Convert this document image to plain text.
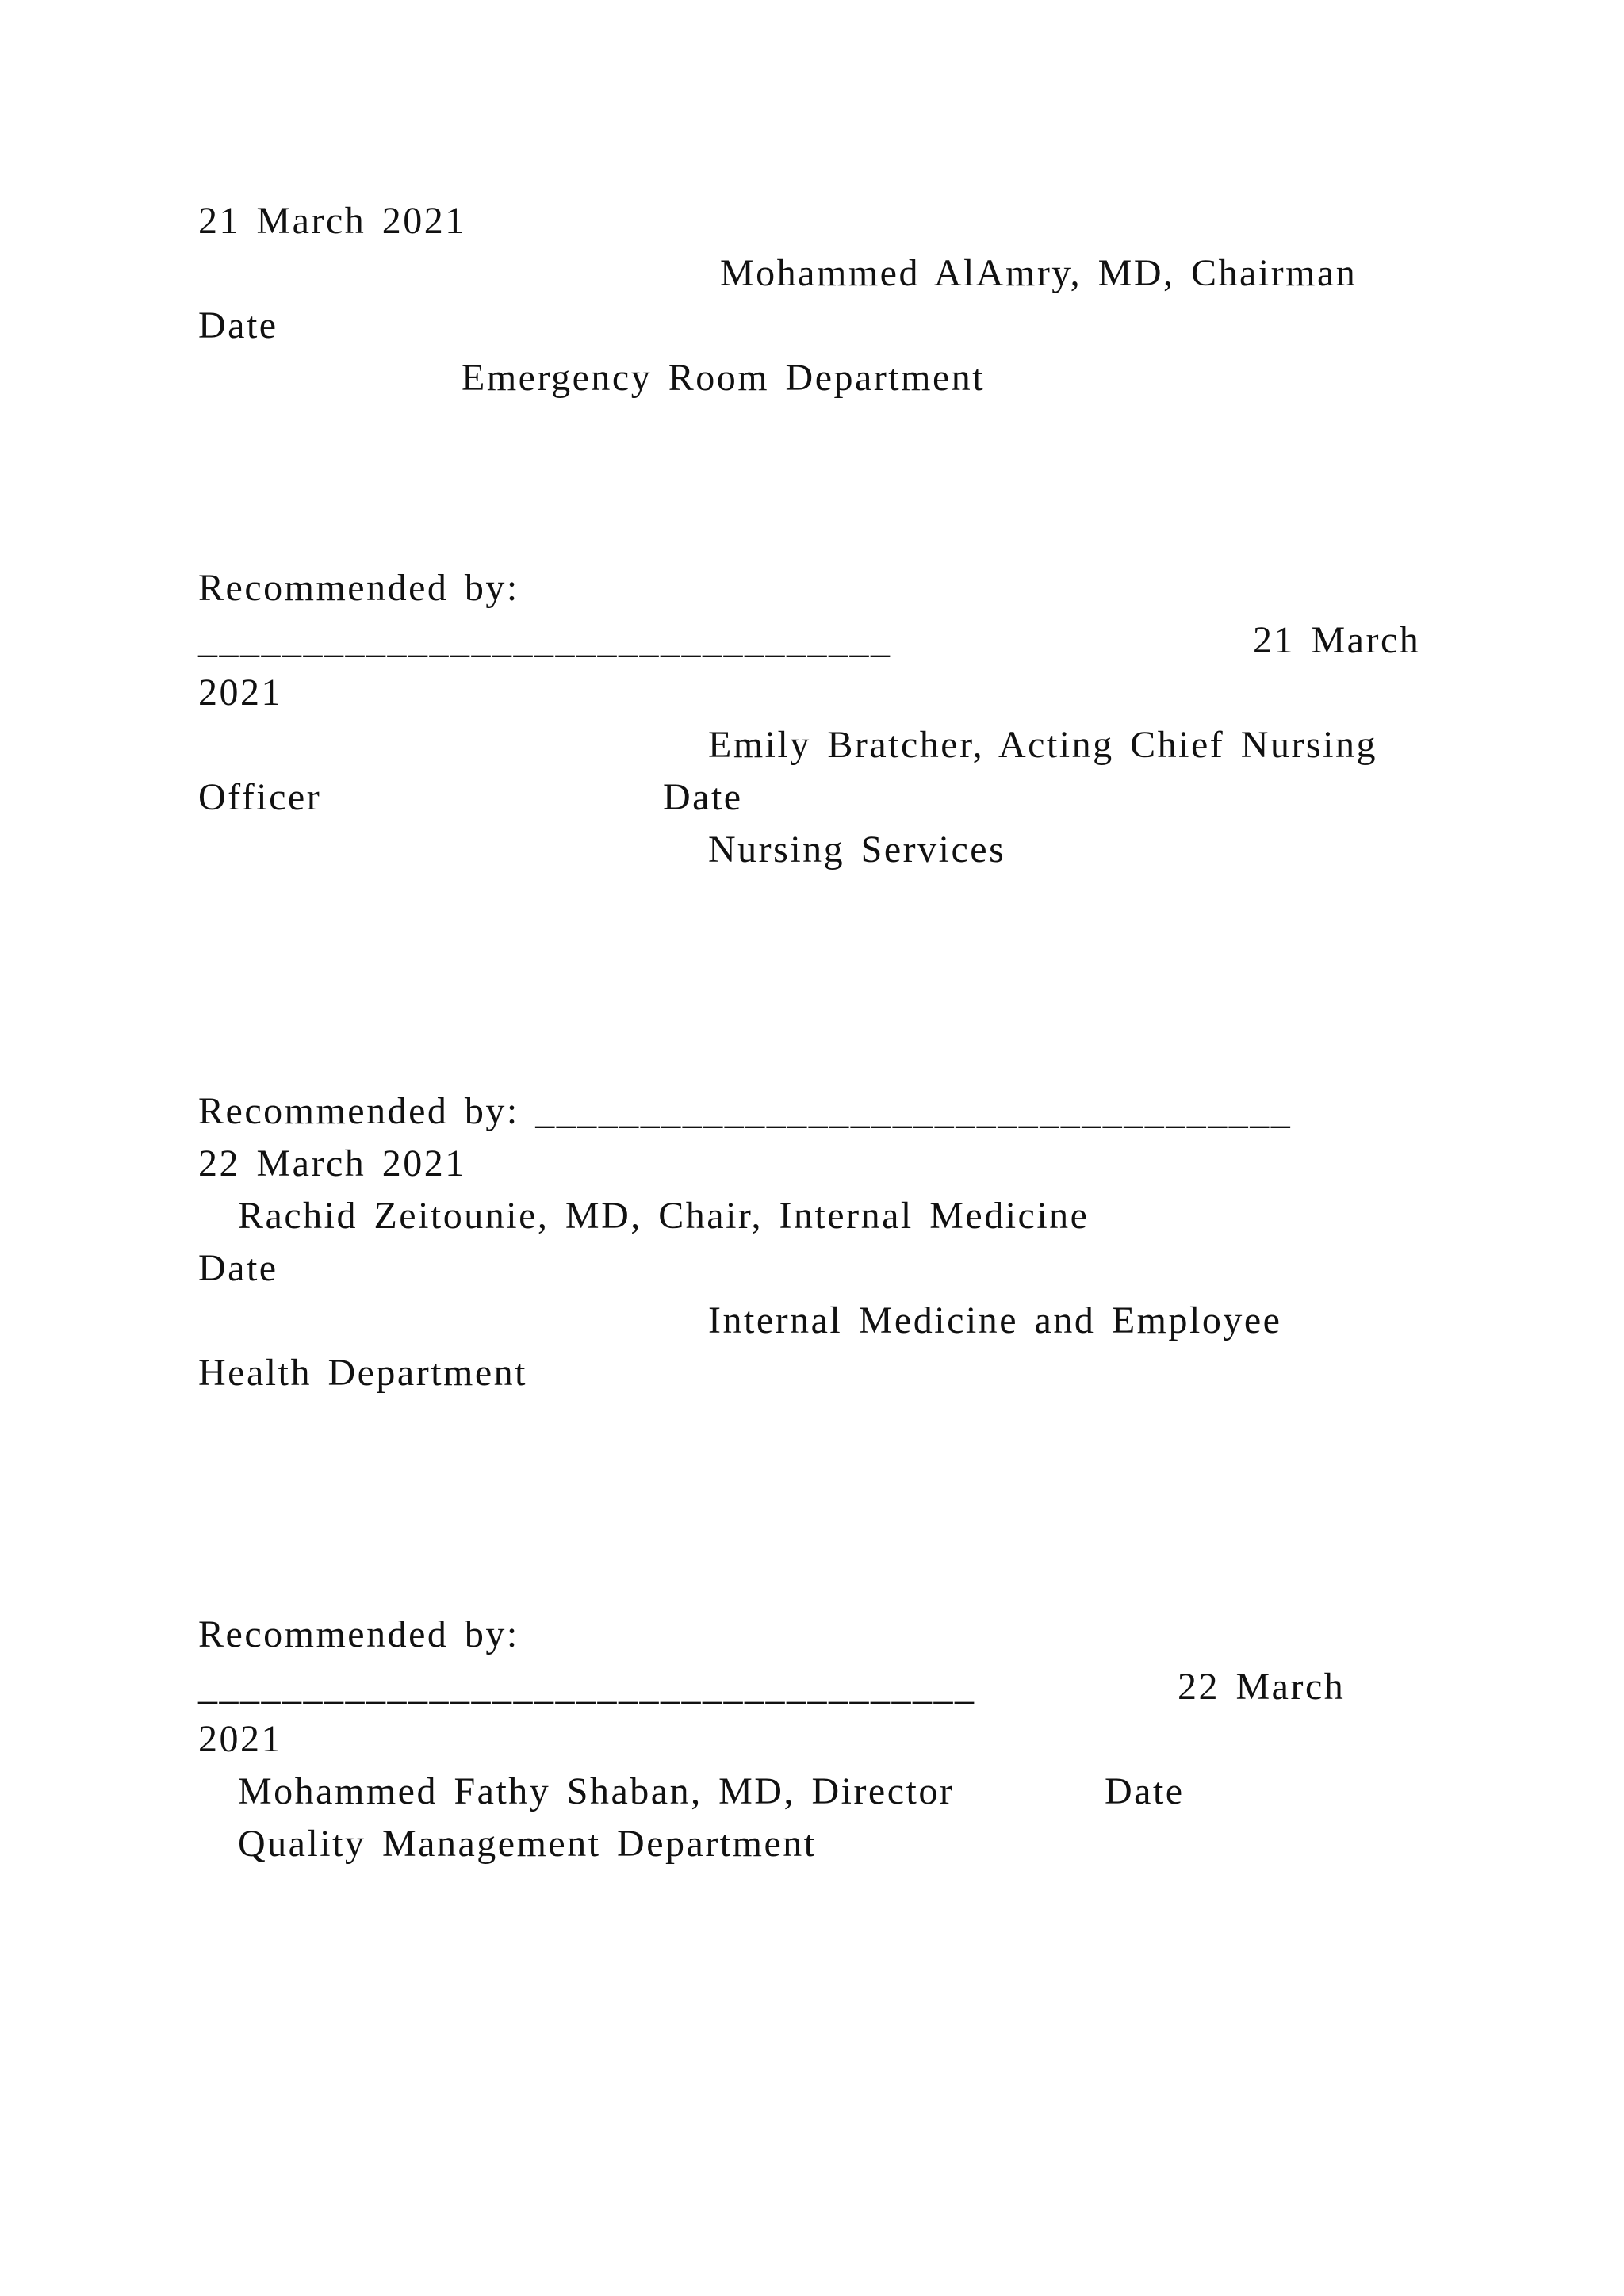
21 March 2021
Mohammed AlAmry, MD, Chairman
Date
Emergency Room Department
Recommended by:
_________________________________	21 March
2021
Emily Bratcher, Acting Chief Nursing
Officer	Date
Nursing Services
Recommended by: ____________________________________
22 March 2021
Rachid Zeitounie, MD, Chair, Internal Medicine
Date
Internal Medicine and Employee
Health Department
Recommended by:
_____________________________________	22 March
2021
Mohammed Fathy Shaban, MD, Director	Date
Quality Management Department
